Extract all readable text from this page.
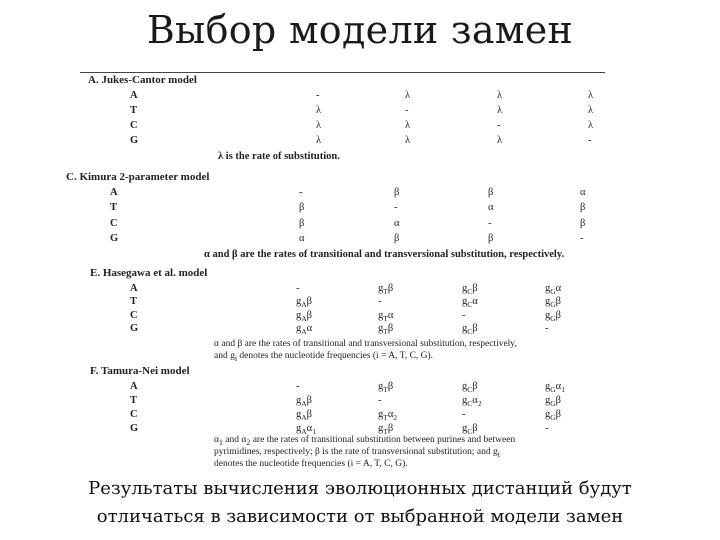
Выбор модели замен
A. Jukes-Cantor model
A	-	λ	λ	λ
T	λ	-	λ	λ
C	λ	λ	-	λ
G	λ	λ	λ	-
λ is the rate of substitution.
C. Kimura 2-parameter model
A	-	β	β	α
T	β	-	α	β
C	β	α	-	β
G	α	β	β	-
α and β are the rates of transitional and transversional substitution, respectively.
E. Hasegawa et al. model
A	-	$g_T\beta$	$g_C\beta$	$g_G\alpha$
T	$g_A\beta$	-	$g_C\alpha$	$g_G\beta$
C	$g_A\beta$	$g_T\alpha$	-	$g_G\beta$
G	$g_A\alpha$	$g_T\beta$	$g_C\beta$	-
α and β are the rates of transitional and transversional substitution, respectively,
and $g_i$ denotes the nucleotide frequencies (i = A, T, C, G).
F. Tamura-Nei model
A	-	$g_T\beta$	$g_C\beta$	$g_G\alpha_1$
T	$g_A\beta$	-	$g_C\alpha_2$	$g_G\beta$
C	$g_A\beta$	$g_T\alpha_2$	-	$g_G\beta$
G	$g_A\alpha_1$	$g_T\beta$	$g_C\beta$	-
$\alpha_1$ and $\alpha_2$ are the rates of transitional substitution between purines and between
pyrimidines, respectively; β is the rate of transversional substitution; and $g_i$
denotes the nucleotide frequencies (i = A, T, C, G).
Результаты вычисления эволюционных дистанций будут
отличаться в зависимости от выбранной модели замен
